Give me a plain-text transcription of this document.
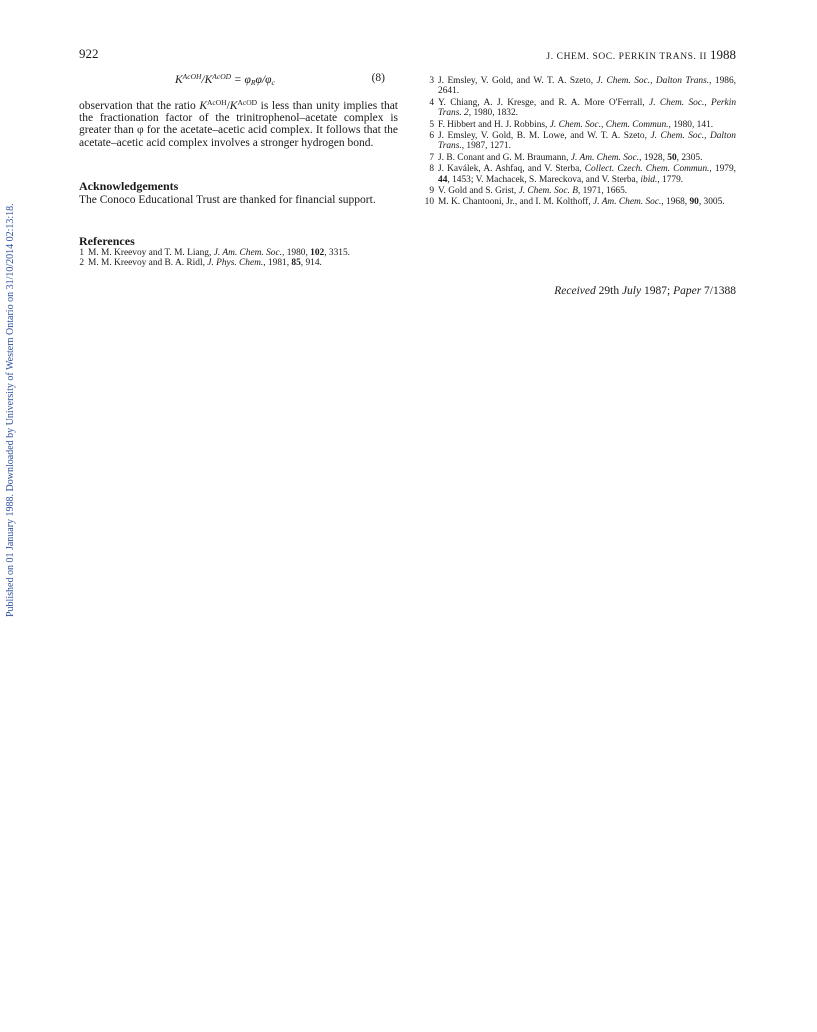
Published on 01 January 1988. Downloaded by University of Western Ontario on 31/10/2014 02:13:18.
922	J. CHEM. SOC. PERKIN TRANS. II 1988
$K^{AcOH}/K^{AcOD} = \varphi_R\varphi/\varphi_c$	(8)

observation that the ratio $K^{AcOH}/K^{AcOD}$ is less than unity implies that the fractionation factor of the trinitrophenol–acetate complex is greater than φ for the acetate–acetic acid complex. It follows that the acetate–acetic acid complex involves a stronger hydrogen bond.

Acknowledgements

The Conoco Educational Trust are thanked for financial support.

References
1 M. M. Kreevoy and T. M. Liang, J. Am. Chem. Soc., 1980, 102, 3315.
2 M. M. Kreevoy and B. A. Ridl, J. Phys. Chem., 1981, 85, 914.
3 J. Emsley, V. Gold, and W. T. A. Szeto, J. Chem. Soc., Dalton Trans., 1986, 2641.
4 Y. Chiang, A. J. Kresge, and R. A. More O'Ferrall, J. Chem. Soc., Perkin Trans. 2, 1980, 1832.
5 F. Hibbert and H. J. Robbins, J. Chem. Soc., Chem. Commun., 1980, 141.
6 J. Emsley, V. Gold, B. M. Lowe, and W. T. A. Szeto, J. Chem. Soc., Dalton Trans., 1987, 1271.
7 J. B. Conant and G. M. Braumann, J. Am. Chem. Soc., 1928, 50, 2305.
8 J. Kaválek, A. Ashfaq, and V. Sterba, Collect. Czech. Chem. Commun., 1979, 44, 1453; V. Machacek, S. Mareckova, and V. Sterba, ibid., 1779.
9 V. Gold and S. Grist, J. Chem. Soc. B, 1971, 1665.
10 M. K. Chantooni, Jr., and I. M. Kolthoff, J. Am. Chem. Soc., 1968, 90, 3005.
Received 29th July 1987; Paper 7/1388
